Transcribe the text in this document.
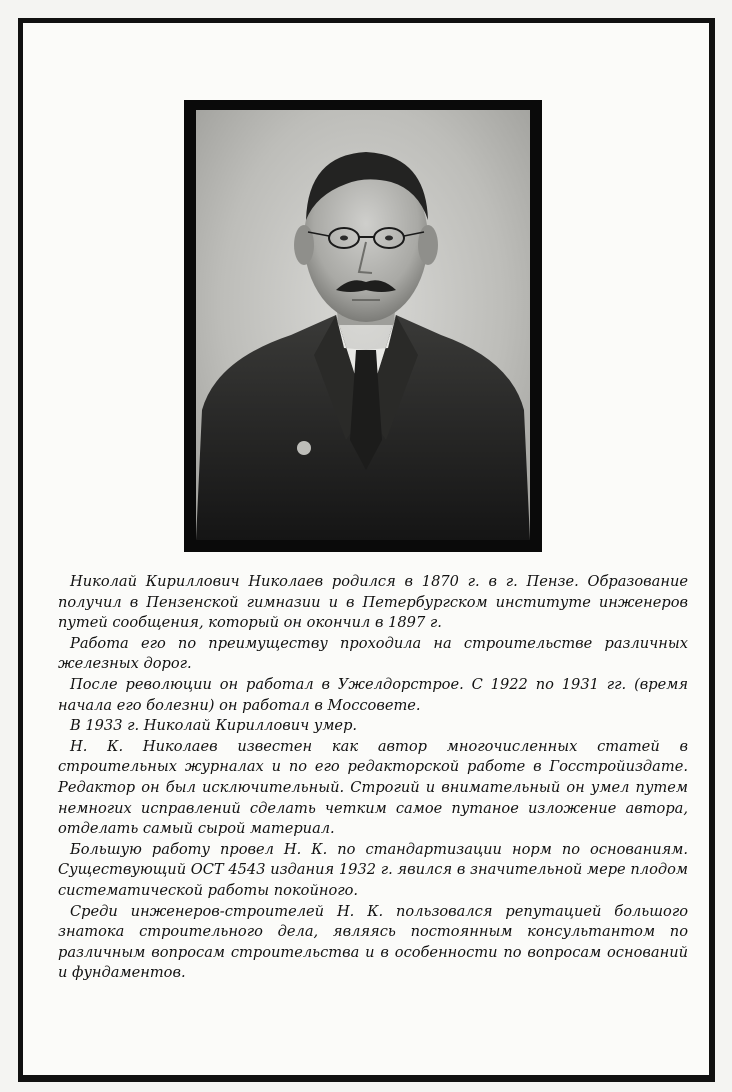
Николай Кириллович Николаев родился в 1870 г. в г. Пензе. Образование получил в Пензенской гимназии и в Петербургском институте инженеров путей сообщения, который он окончил в 1897 г.

Работа его по преимуществу проходила на строительстве различных железных дорог.

После революции он работал в Ужелдорстрое. С 1922 по 1931 гг. (время начала его болезни) он работал в Моссовете.

В 1933 г. Николай Кириллович умер.

Н. К. Николаев известен как автор многочисленных статей в строительных журналах и по его редакторской работе в Госстройиздате. Редактор он был исключительный. Строгий и внимательный он умел путем немногих исправлений сделать четким самое путаное изложение автора, отделать самый сырой материал.

Большую работу провел Н. К. по стандартизации норм по основаниям. Существующий ОСТ 4543 издания 1932 г. явился в значительной мере плодом систематической работы покойного.

Среди инженеров-строителей Н. К. пользовался репутацией большого знатока строительного дела, являясь постоянным консультантом по различным вопросам строительства и в особенности по вопросам оснований и фундаментов.
